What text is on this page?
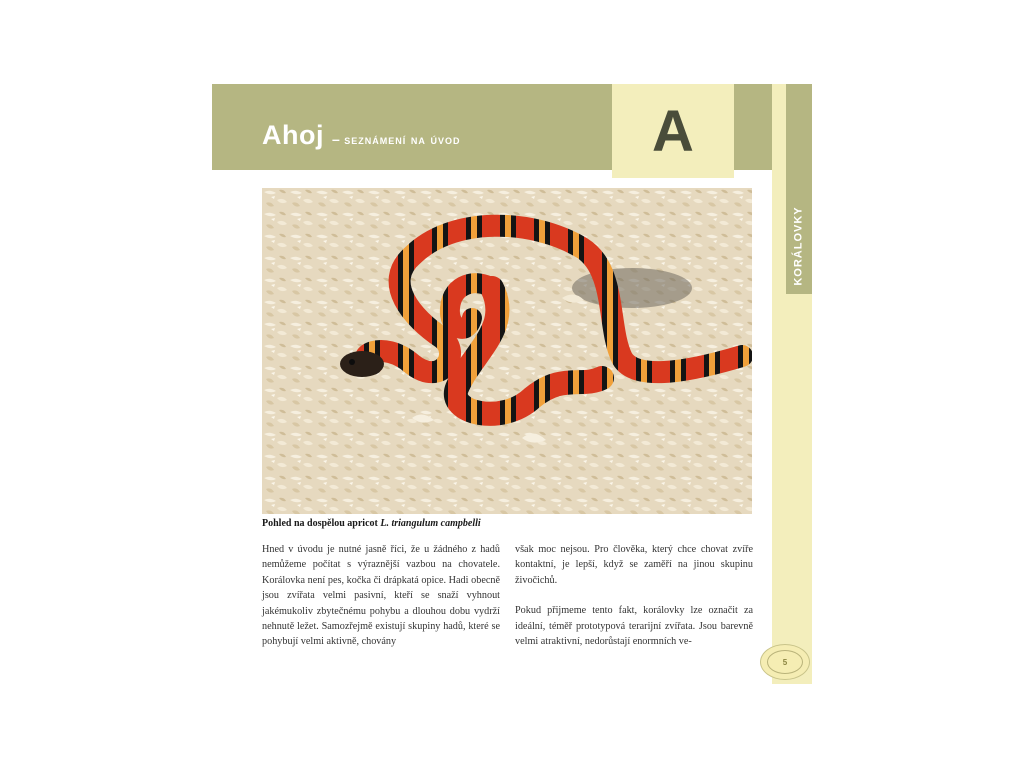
Ahoj – seznámení na úvod	A
KORÁLOVKY
Pohled na dospělou apricot L. triangulum campbelli

Hned v úvodu je nutné jasně říci, že u žádného z hadů nemůžeme počítat s výraznější vazbou na chovatele. Korálovka není pes, kočka či drápkatá opice. Hadi obecně jsou zvířata velmi pasivní, kteří se snaží vyhnout jakémukoliv zbytečnému pohybu a dlouhou dobu vydrží nehnutě ležet. Samozřejmě existují skupiny hadů, které se pohybují velmi aktivně, chovány

však moc nejsou. Pro člověka, který chce chovat zvíře kontaktní, je lepší, když se zaměří na jinou skupinu živočichů.

Pokud přijmeme tento fakt, korálovky lze označit za ideální, téměř prototypová terarijní zvířata. Jsou barevně velmi atraktivní, nedorůstají enormních ve-

5
